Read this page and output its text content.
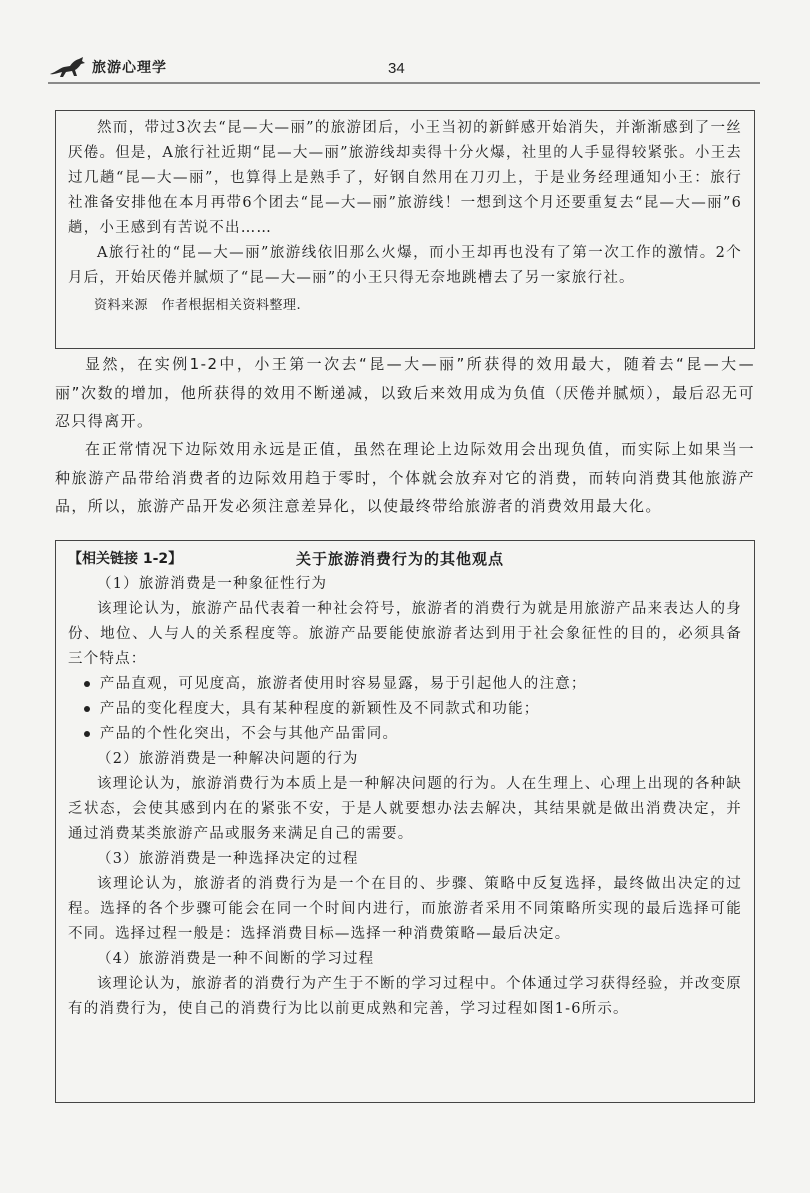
旅游心理学	34

然而，带过3次去“昆—大—丽”的旅游团后，小王当初的新鲜感开始消失，并渐渐感到了一丝厌倦。但是，A旅行社近期“昆—大—丽”旅游线却卖得十分火爆，社里的人手显得较紧张。小王去过几趟“昆—大—丽”，也算得上是熟手了，好钢自然用在刀刃上，于是业务经理通知小王：旅行社准备安排他在本月再带6个团去“昆—大—丽”旅游线！一想到这个月还要重复去“昆—大—丽”6趟，小王感到有苦说不出……

A旅行社的“昆—大—丽”旅游线依旧那么火爆，而小王却再也没有了第一次工作的激情。2个月后，开始厌倦并腻烦了“昆—大—丽”的小王只得无奈地跳槽去了另一家旅行社。

资料来源　作者根据相关资料整理.

显然，在实例1-2中，小王第一次去“昆—大—丽”所获得的效用最大，随着去“昆—大—丽”次数的增加，他所获得的效用不断递减，以致后来效用成为负值（厌倦并腻烦），最后忍无可忍只得离开。

在正常情况下边际效用永远是正值，虽然在理论上边际效用会出现负值，而实际上如果当一种旅游产品带给消费者的边际效用趋于零时，个体就会放弃对它的消费，而转向消费其他旅游产品，所以，旅游产品开发必须注意差异化，以使最终带给旅游者的消费效用最大化。

【相关链接 1-2】	关于旅游消费行为的其他观点

（1）旅游消费是一种象征性行为

该理论认为，旅游产品代表着一种社会符号，旅游者的消费行为就是用旅游产品来表达人的身份、地位、人与人的关系程度等。旅游产品要能使旅游者达到用于社会象征性的目的，必须具备三个特点：

产品直观，可见度高，旅游者使用时容易显露，易于引起他人的注意；

产品的变化程度大，具有某种程度的新颖性及不同款式和功能；

产品的个性化突出，不会与其他产品雷同。

（2）旅游消费是一种解决问题的行为

该理论认为，旅游消费行为本质上是一种解决问题的行为。人在生理上、心理上出现的各种缺乏状态，会使其感到内在的紧张不安，于是人就要想办法去解决，其结果就是做出消费决定，并通过消费某类旅游产品或服务来满足自己的需要。

（3）旅游消费是一种选择决定的过程

该理论认为，旅游者的消费行为是一个在目的、步骤、策略中反复选择，最终做出决定的过程。选择的各个步骤可能会在同一个时间内进行，而旅游者采用不同策略所实现的最后选择可能不同。选择过程一般是：选择消费目标—选择一种消费策略—最后决定。

（4）旅游消费是一种不间断的学习过程

该理论认为，旅游者的消费行为产生于不断的学习过程中。个体通过学习获得经验，并改变原有的消费行为，使自己的消费行为比以前更成熟和完善，学习过程如图1-6所示。
